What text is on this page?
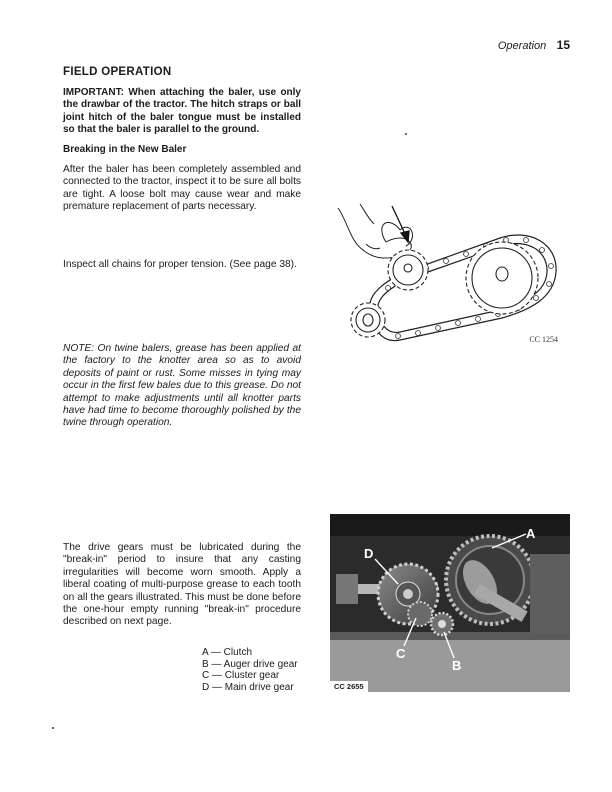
Operation 15
FIELD OPERATION
IMPORTANT: When attaching the baler, use only the drawbar of the tractor. The hitch straps or ball joint hitch of the baler tongue must be installed so that the baler is parallel to the ground.
Breaking in the New Baler
After the baler has been completely assembled and connected to the tractor, inspect it to be sure all bolts are tight. A loose bolt may cause wear and make premature replacement of parts necessary.
Inspect all chains for proper tension. (See page 38).
NOTE: On twine balers, grease has been applied at the factory to the knotter area so as to avoid deposits of paint or rust. Some misses in tying may occur in the first few bales due to this grease. Do not attempt to make adjustments until all knotter parts have had time to become thoroughly polished by the twine through operation.
The drive gears must be lubricated during the "break-in" period to insure that any casting irregularities will become worn smooth. Apply a liberal coating of multi-purpose grease to each tooth on all the gears illustrated. This must be done before the one-hour empty running "break-in" procedure described on next page.
A — Clutch
B — Auger drive gear
C — Cluster gear
D — Main drive gear
CC 1254
A
B
C
D
CC 2655
